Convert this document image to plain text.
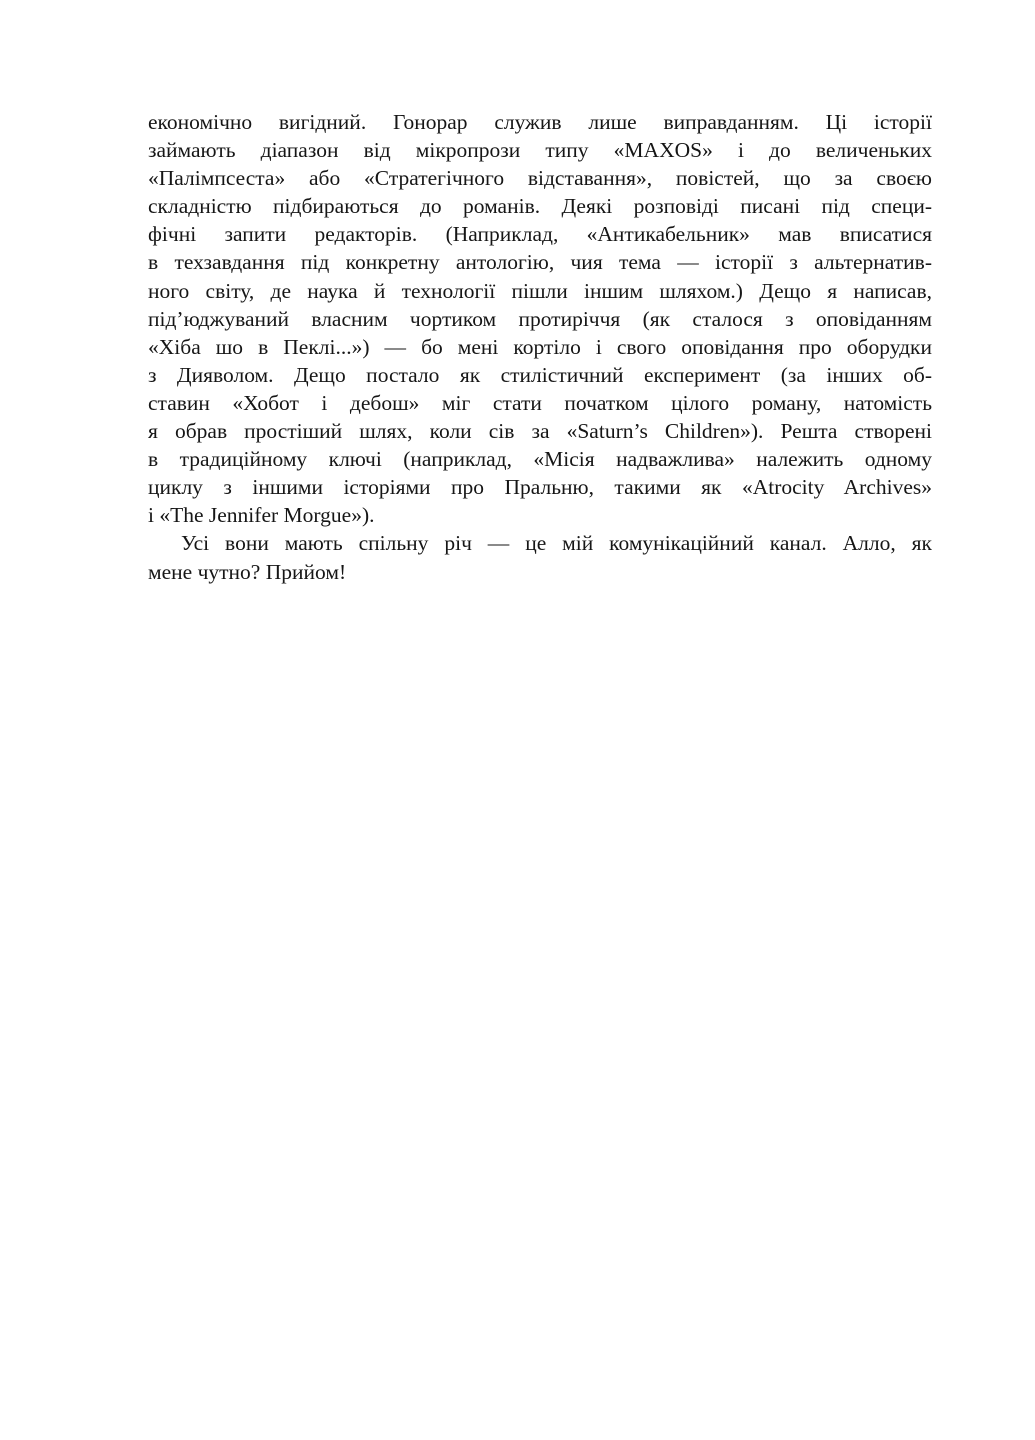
економічно вигідний. Гонорар служив лише виправданням. Ці історії
займають діапазон від мікропрози типу «MAXOS» і до величеньких
«Палімпсеста» або «Стратегічного відставання», повістей, що за своєю
складністю підбираються до романів. Деякі розповіді писані під специ-
фічні запити редакторів. (Наприклад, «Антикабельник» мав вписатися
в техзавдання під конкретну антологію, чия тема — історії з альтернатив-
ного світу, де наука й технології пішли іншим шляхом.) Дещо я написав,
під’юджуваний власним чортиком протиріччя (як сталося з оповіданням
«Хіба шо в Пеклі...») — бо мені кортіло і свого оповідання про оборудки
з Дияволом. Дещо постало як стилістичний експеримент (за інших об-
ставин «Хобот і дебош» міг стати початком цілого роману, натомість
я обрав простіший шлях, коли сів за «Saturn’s Children»). Решта створені
в традиційному ключі (наприклад, «Місія надважлива» належить одному
циклу з іншими історіями про Пральню, такими як «Atrocity Archives»
і «The Jennifer Morgue»).

Усі вони мають спільну річ — це мій комунікаційний канал. Алло, як
мене чутно? Прийом!
